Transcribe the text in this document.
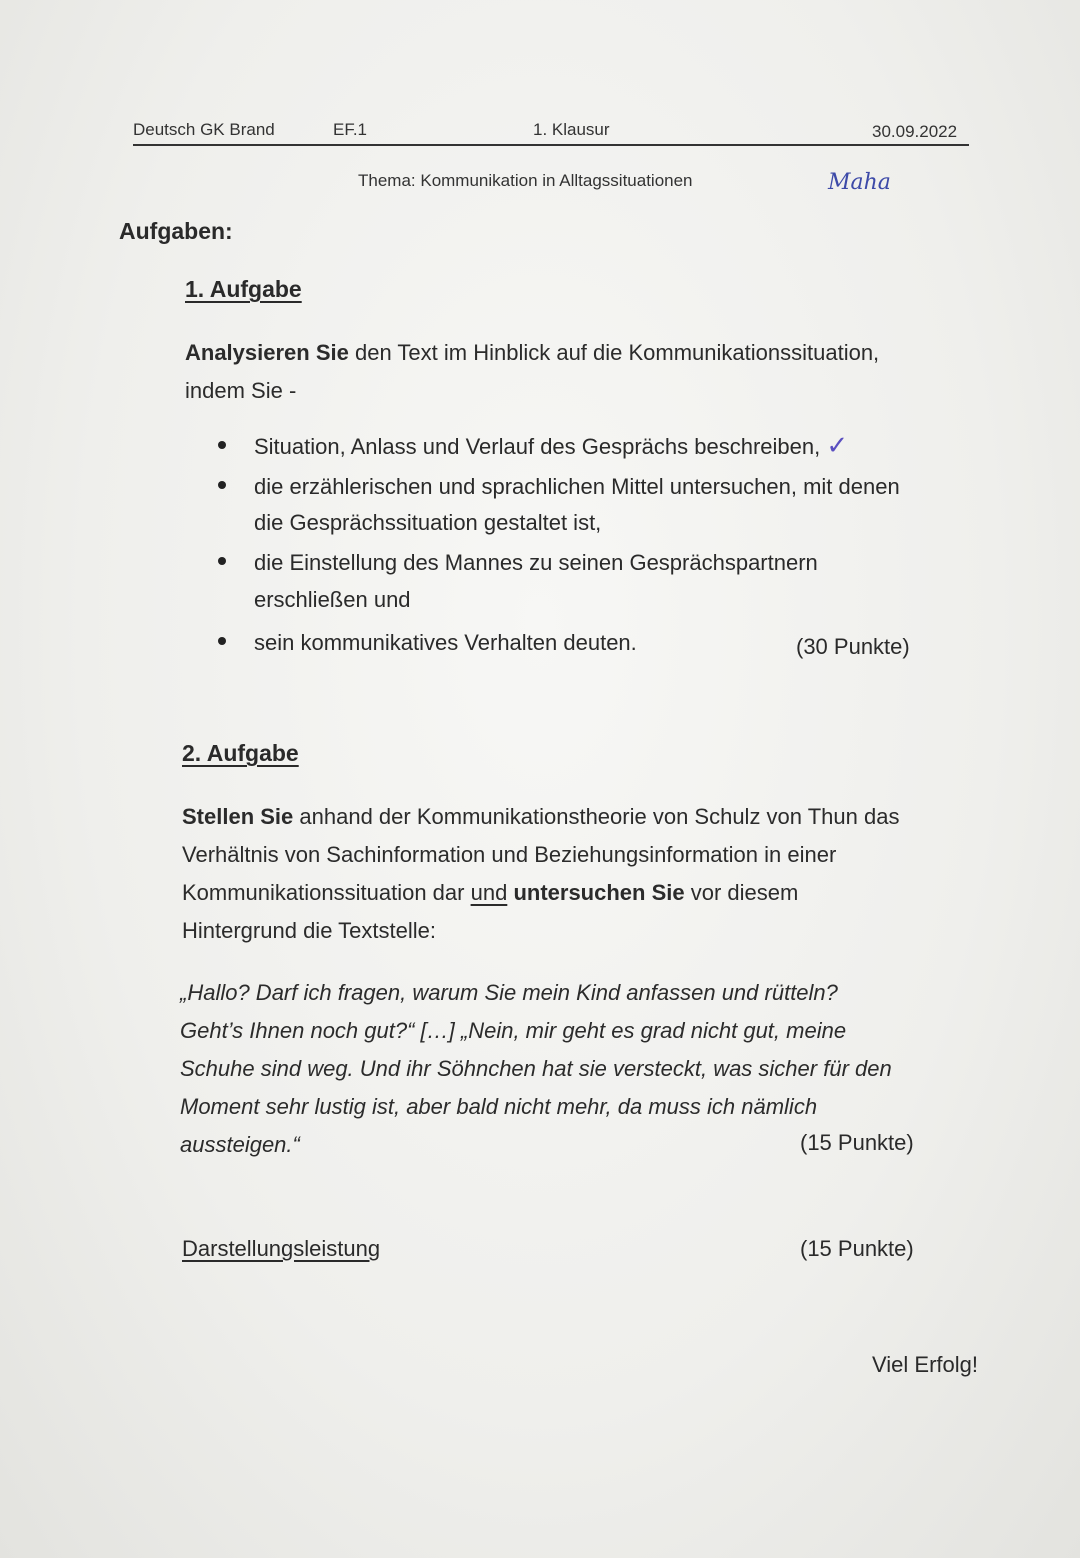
Deutsch GK Brand	EF.1	1. Klausur	30.09.2022
Thema: Kommunikation in Alltagssituationen	Maha
Aufgaben:
1. Aufgabe
Analysieren Sie den Text im Hinblick auf die Kommunikationssituation,
indem Sie -
Situation, Anlass und Verlauf des Gesprächs beschreiben, ✓
die erzählerischen und sprachlichen Mittel untersuchen, mit denen
die Gesprächssituation gestaltet ist,
die Einstellung des Mannes zu seinen Gesprächspartnern
erschließen und
sein kommunikatives Verhalten deuten.	(30 Punkte)
2. Aufgabe
Stellen Sie anhand der Kommunikationstheorie von Schulz von Thun das
Verhältnis von Sachinformation und Beziehungsinformation in einer
Kommunikationssituation dar und untersuchen Sie vor diesem
Hintergrund die Textstelle:
„Hallo? Darf ich fragen, warum Sie mein Kind anfassen und rütteln?
Geht’s Ihnen noch gut?“ […] „Nein, mir geht es grad nicht gut, meine
Schuhe sind weg. Und ihr Söhnchen hat sie versteckt, was sicher für den
Moment sehr lustig ist, aber bald nicht mehr, da muss ich nämlich
aussteigen.“	(15 Punkte)
Darstellungsleistung	(15 Punkte)
Viel Erfolg!
